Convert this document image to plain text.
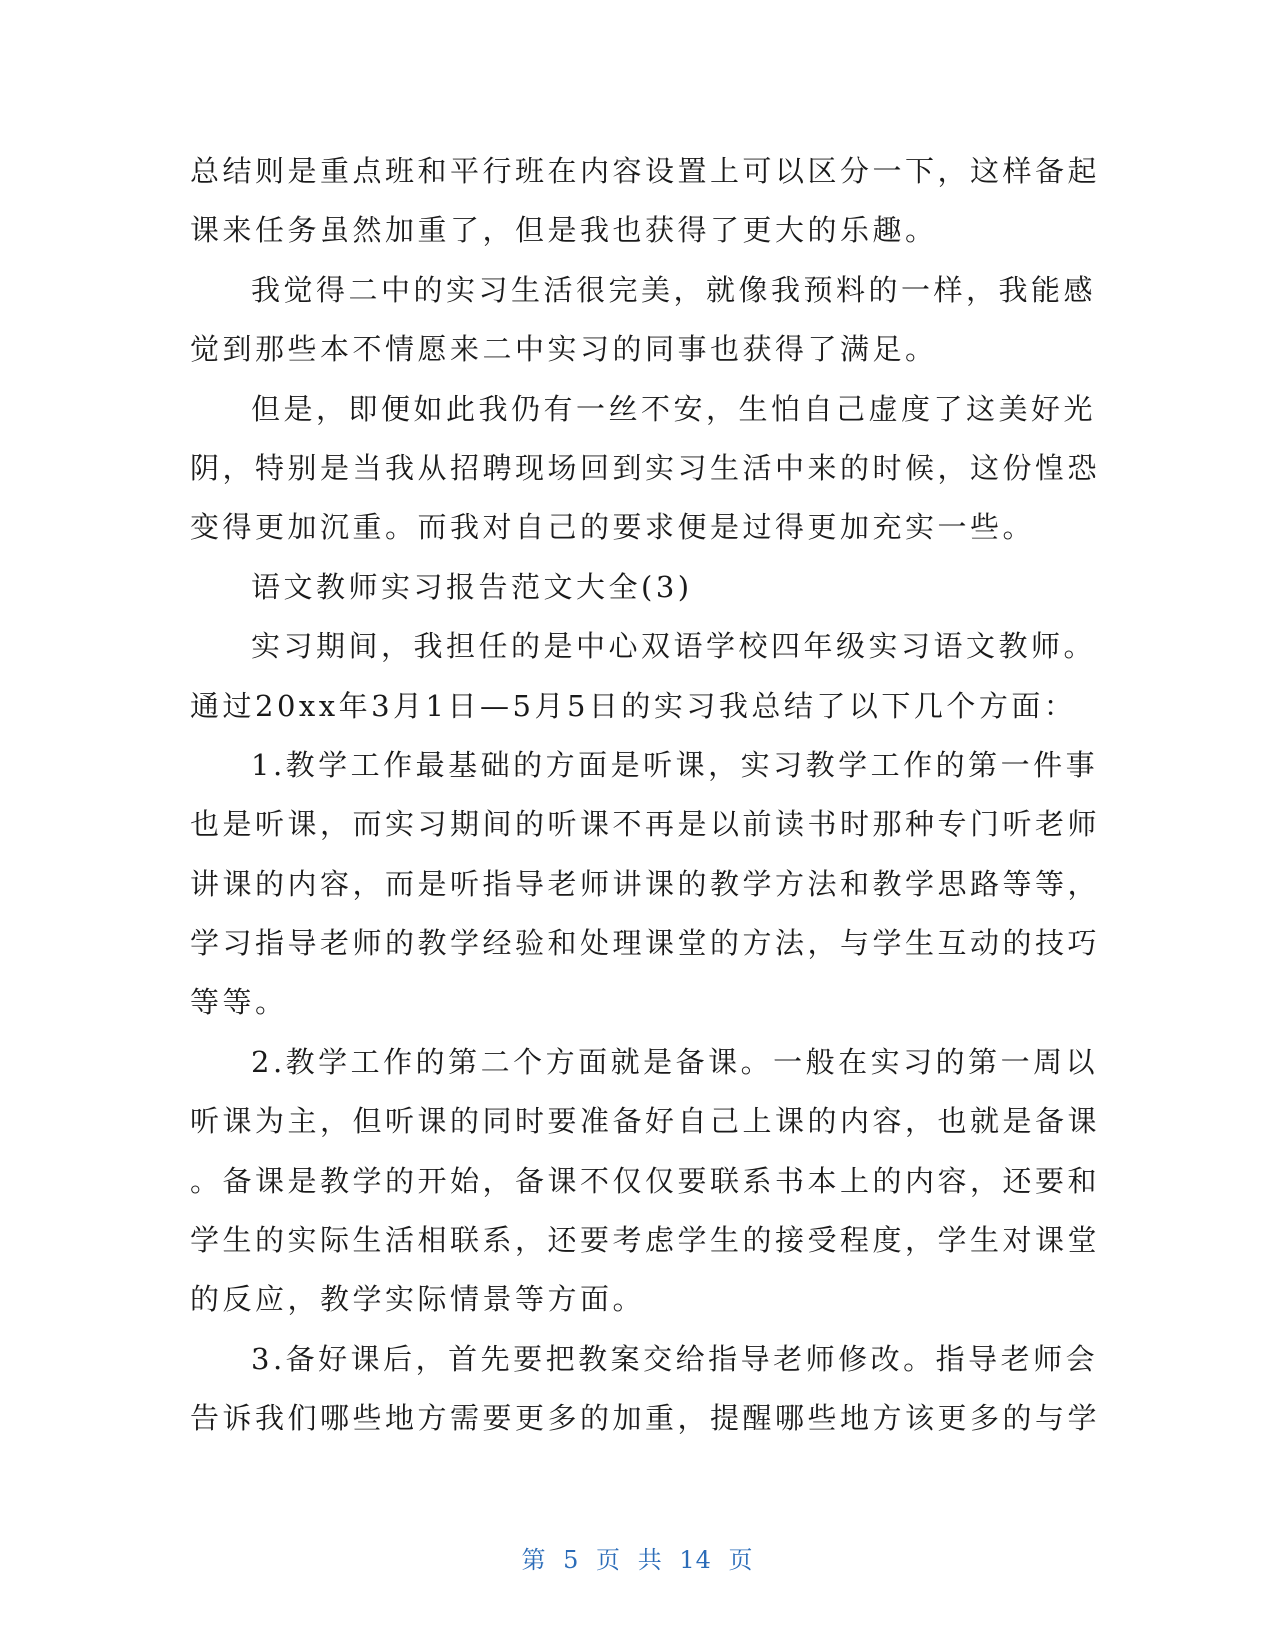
总结则是重点班和平行班在内容设置上可以区分一下，这样备起
课来任务虽然加重了，但是我也获得了更大的乐趣。
我觉得二中的实习生活很完美，就像我预料的一样，我能感
觉到那些本不情愿来二中实习的同事也获得了满足。
但是，即便如此我仍有一丝不安，生怕自己虚度了这美好光
阴，特别是当我从招聘现场回到实习生活中来的时候，这份惶恐
变得更加沉重。而我对自己的要求便是过得更加充实一些。
语文教师实习报告范文大全(3)
实习期间，我担任的是中心双语学校四年级实习语文教师。
通过20xx年3月1日—5月5日的实习我总结了以下几个方面：
1.教学工作最基础的方面是听课，实习教学工作的第一件事
也是听课，而实习期间的听课不再是以前读书时那种专门听老师
讲课的内容，而是听指导老师讲课的教学方法和教学思路等等，
学习指导老师的教学经验和处理课堂的方法，与学生互动的技巧
等等。
2.教学工作的第二个方面就是备课。一般在实习的第一周以
听课为主，但听课的同时要准备好自己上课的内容，也就是备课
。备课是教学的开始，备课不仅仅要联系书本上的内容，还要和
学生的实际生活相联系，还要考虑学生的接受程度，学生对课堂
的反应，教学实际情景等方面。
3.备好课后，首先要把教案交给指导老师修改。指导老师会
告诉我们哪些地方需要更多的加重，提醒哪些地方该更多的与学
第 5 页 共 14 页
